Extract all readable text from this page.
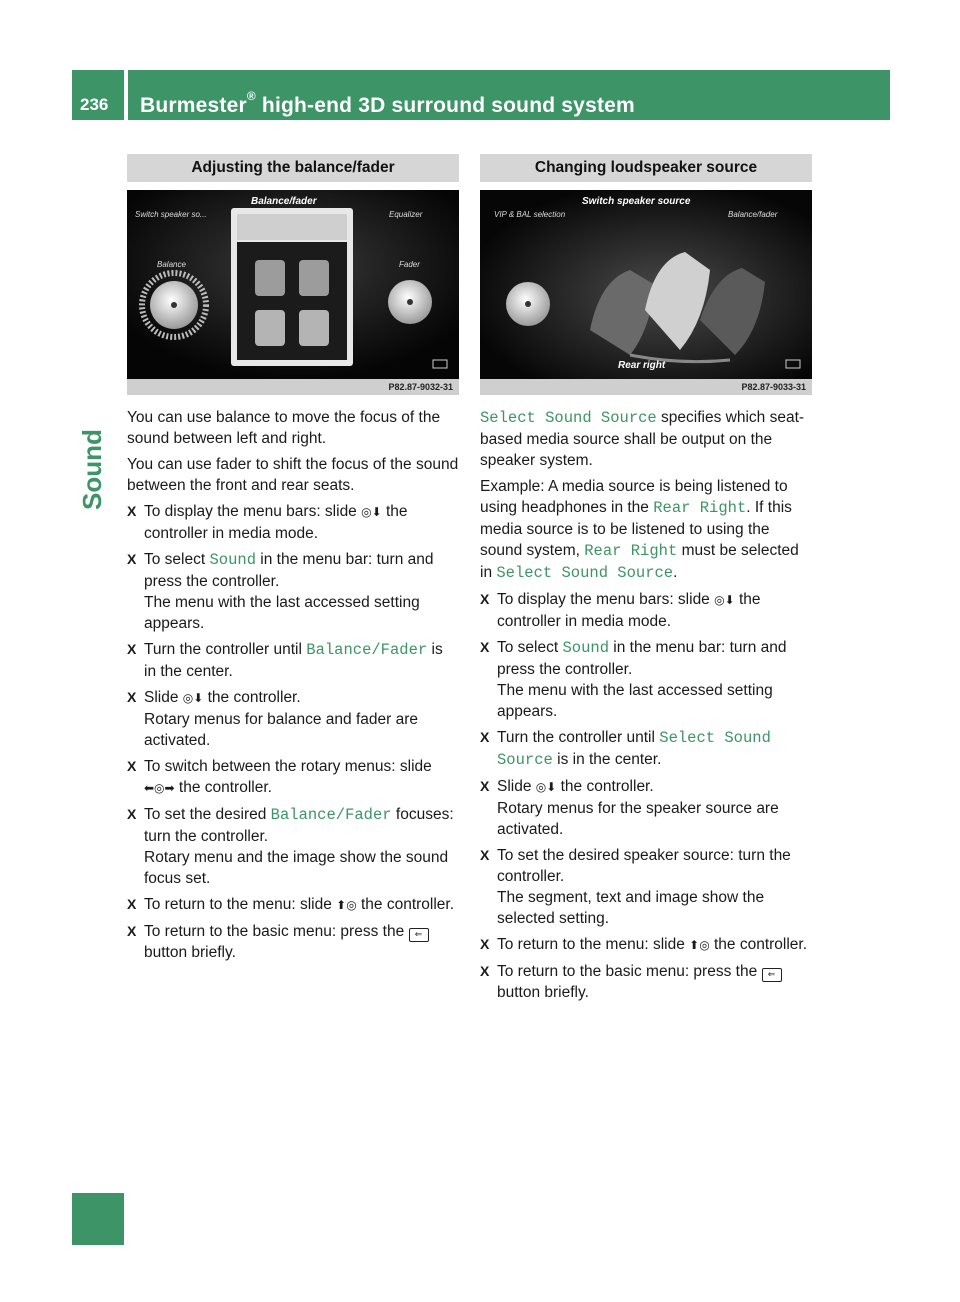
236	Burmester® high-end 3D surround sound system
Sound
Adjusting the balance/fader
Balance/fader
Switch speaker so...	Equalizer
Balance	Fader
P82.87-9032-31

You can use balance to move the focus of the sound between left and right.

You can use fader to shift the focus of the sound between the front and rear seats.

X To display the menu bars: slide ◎⬇ the controller in media mode.
X To select Sound in the menu bar: turn and press the controller.
The menu with the last accessed setting appears.
X Turn the controller until Balance/Fader is in the center.
X Slide ◎⬇ the controller.
Rotary menus for balance and fader are activated.
X To switch between the rotary menus: slide ⬅◎➡ the controller.
X To set the desired Balance/Fader focuses: turn the controller.
Rotary menu and the image show the sound focus set.
X To return to the menu: slide ⬆◎ the controller.
X To return to the basic menu: press the ⇐ button briefly.
Changing loudspeaker source
Switch speaker source
VIP & BAL selection	Balance/fader
Rear right
P82.87-9033-31

Select Sound Source specifies which seat-based media source shall be output on the speaker system.

Example: A media source is being listened to using headphones in the Rear Right. If this media source is to be listened to using the sound system, Rear Right must be selected in Select Sound Source.

X To display the menu bars: slide ◎⬇ the controller in media mode.
X To select Sound in the menu bar: turn and press the controller.
The menu with the last accessed setting appears.
X Turn the controller until Select Sound Source is in the center.
X Slide ◎⬇ the controller.
Rotary menus for the speaker source are activated.
X To set the desired speaker source: turn the controller.
The segment, text and image show the selected setting.
X To return to the menu: slide ⬆◎ the controller.
X To return to the basic menu: press the ⇐ button briefly.
